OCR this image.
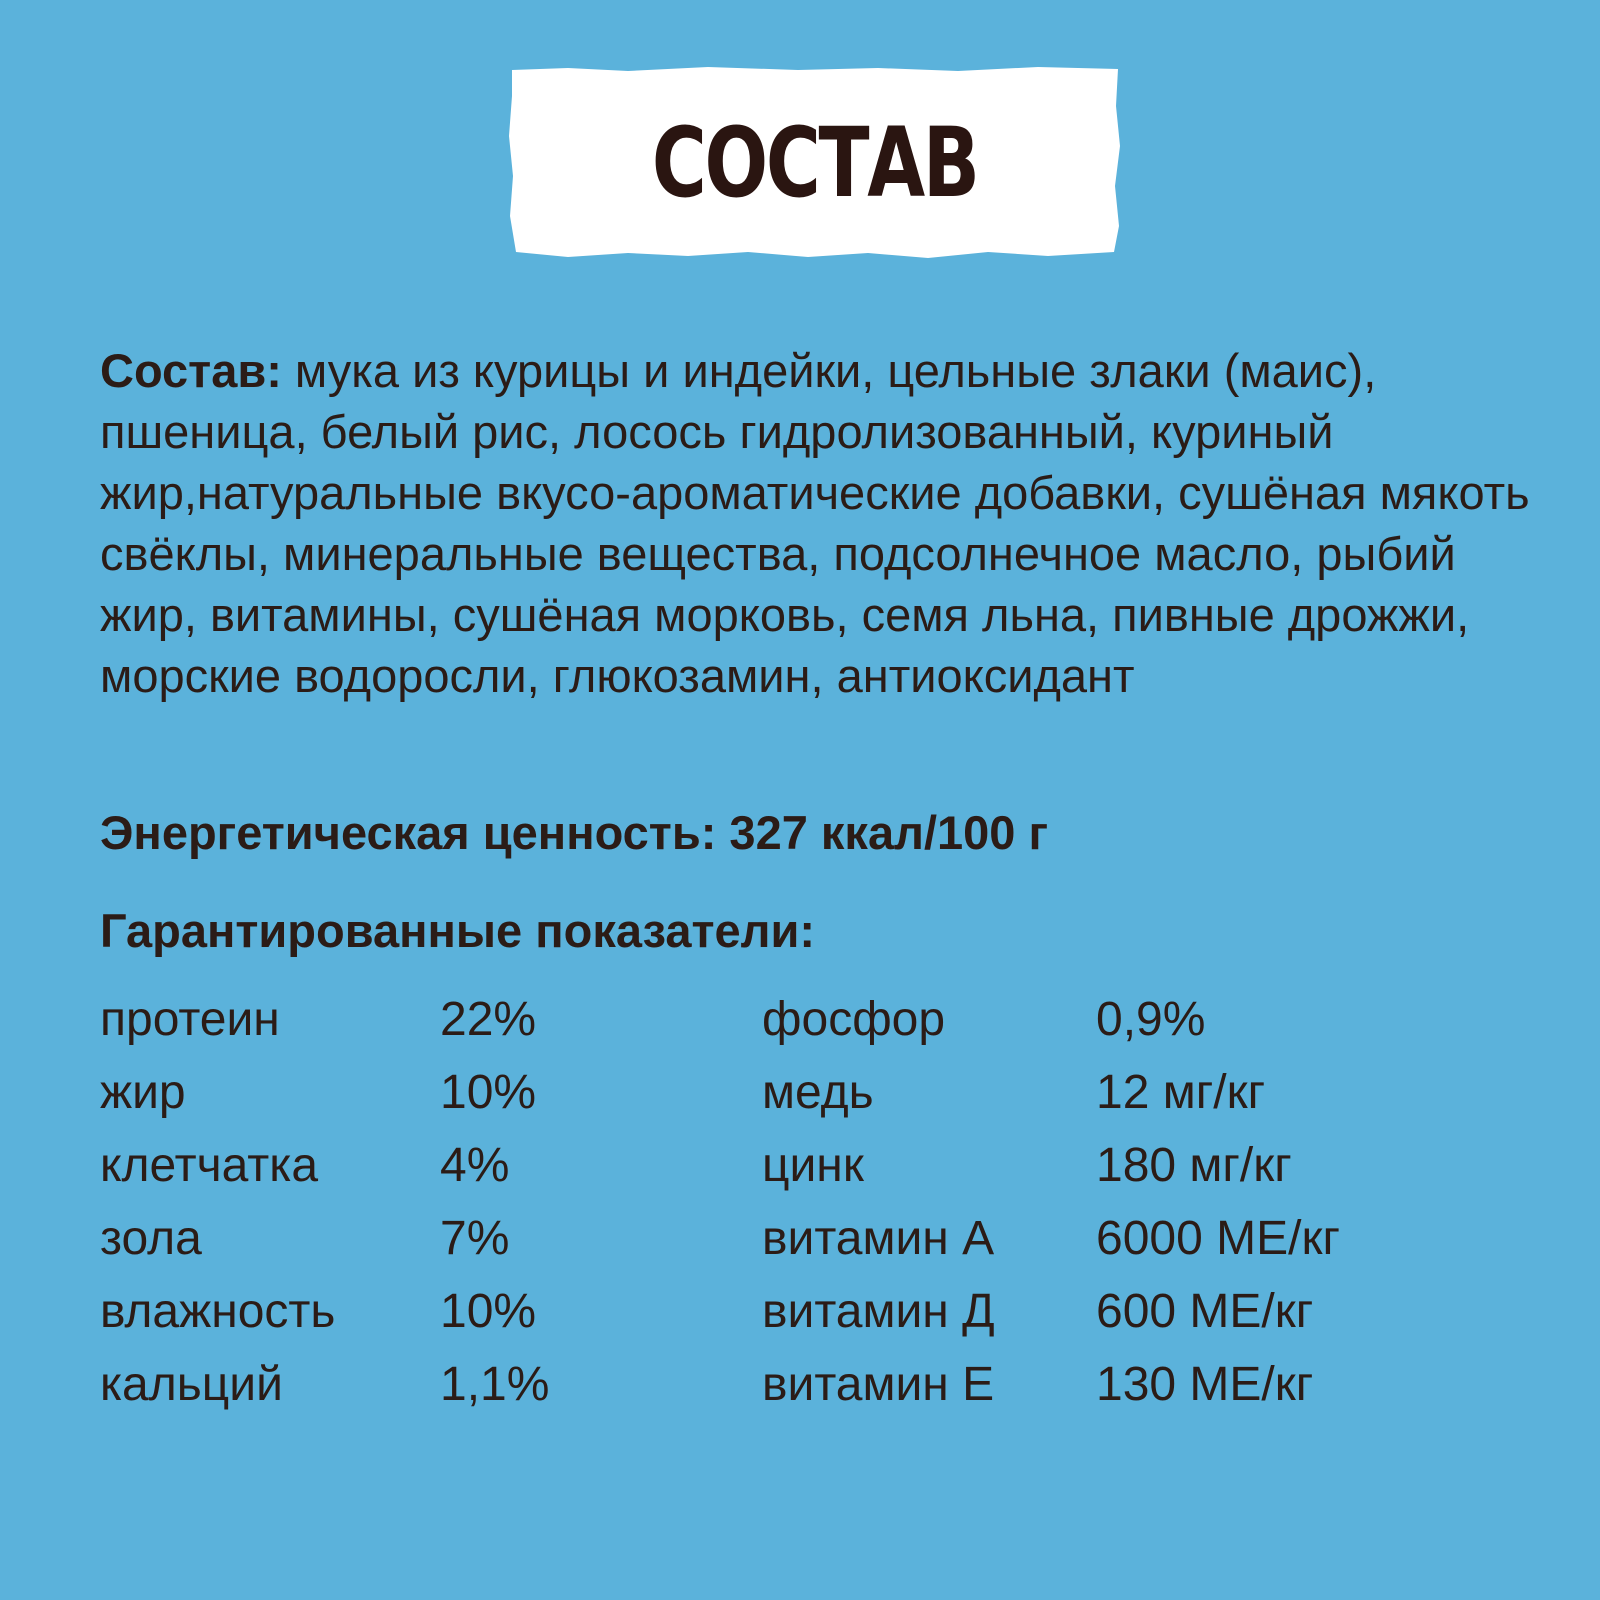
СОСТАВ

Состав: мука из курицы и индейки, цельные злаки (маис), пшеница, белый рис, лосось гидролизованный, куриный жир,натуральные вкусо-ароматические добавки, сушёная мякоть свёклы, минеральные вещества, подсолнечное масло, рыбий жир, витамины, сушёная морковь, семя льна, пивные дрожжи, морские водоросли, глюкозамин, антиоксидант

Энергетическая ценность: 327 ккал/100 г

Гарантированные показатели:

протеин	22%	фосфор	0,9%
жир	10%	медь	12 мг/кг
клетчатка	4%	цинк	180 мг/кг
зола	7%	витамин А 6000 МЕ/кг
влажность 10%	витамин Д 600 МЕ/кг
кальций	1,1%	витамин Е 130 МЕ/кг
